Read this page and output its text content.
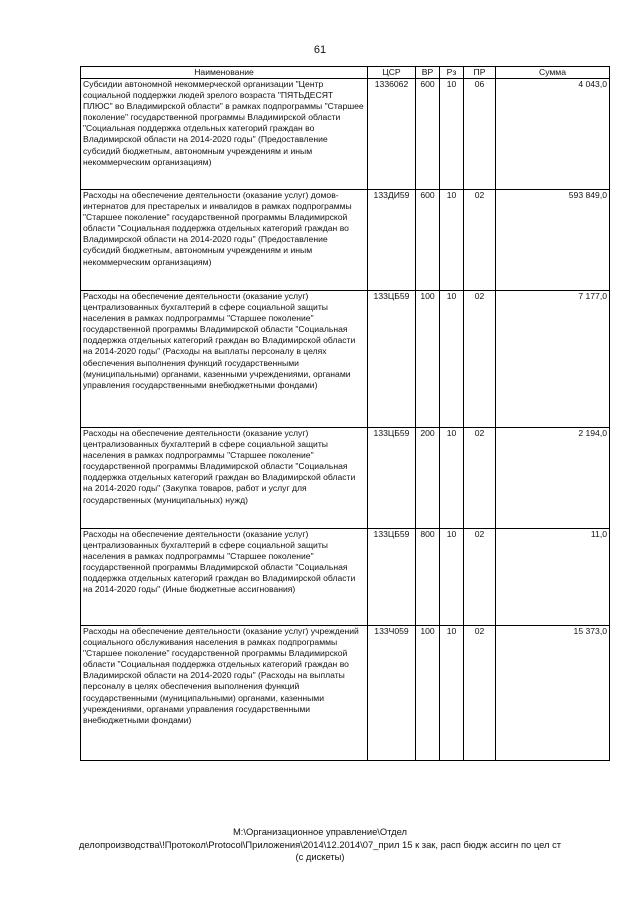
61
Наименование	ЦСР	ВР	Рз	ПР	Сумма
Субсидии автономной некоммерческой организации "Центр социальной поддержки людей зрелого возраста "ПЯТЬДЕСЯТ ПЛЮС" во Владимирской области" в рамках подпрограммы "Старшее поколение" государственной программы Владимирской области "Социальная поддержка отдельных категорий граждан во Владимирской области на 2014-2020 годы" (Предоставление субсидий бюджетным, автономным учреждениям и иным некоммерческим организациям)	1336062	600	10	06	4 043,0
Расходы на обеспечение деятельности (оказание услуг) домов-интернатов для престарелых и инвалидов в рамках подпрограммы "Старшее поколение" государственной программы Владимирской области "Социальная поддержка отдельных категорий граждан во Владимирской области на 2014-2020 годы" (Предоставление субсидий бюджетным, автономным учреждениям и иным некоммерческим организациям)	133ДИ59	600	10	02	593 849,0
Расходы на обеспечение деятельности (оказание услуг) централизованных бухгалтерий в сфере социальной защиты населения в рамках подпрограммы "Старшее поколение" государственной программы Владимирской области "Социальная поддержка отдельных категорий граждан во Владимирской области на 2014-2020 годы" (Расходы на выплаты персоналу в целях обеспечения выполнения функций государственными (муниципальными) органами, казенными учреждениями, органами управления государственными внебюджетными фондами)	133ЦБ59	100	10	02	7 177,0
Расходы на обеспечение деятельности (оказание услуг) централизованных бухгалтерий в сфере социальной защиты населения в рамках подпрограммы "Старшее поколение" государственной программы Владимирской области "Социальная поддержка отдельных категорий граждан во Владимирской области на 2014-2020 годы" (Закупка товаров, работ и услуг для государственных (муниципальных) нужд)	133ЦБ59	200	10	02	2 194,0
Расходы на обеспечение деятельности (оказание услуг) централизованных бухгалтерий в сфере социальной защиты населения в рамках подпрограммы "Старшее поколение" государственной программы Владимирской области "Социальная поддержка отдельных категорий граждан во Владимирской области на 2014-2020 годы" (Иные бюджетные ассигнования)	133ЦБ59	800	10	02	11,0
Расходы на обеспечение деятельности (оказание услуг) учреждений социального обслуживания населения в рамках подпрограммы "Старшее поколение" государственной программы Владимирской области "Социальная поддержка отдельных категорий граждан во Владимирской области на 2014-2020 годы" (Расходы на выплаты персоналу в целях обеспечения выполнения функций государственными (муниципальными) органами, казенными учреждениями, органами управления государственными внебюджетными фондами)	133Ч059	100	10	02	15 373,0
М:\Организационное управление\Отдел
делопроизводства\!Протокол\Protocol\Приложения\2014\12.2014\07_прил 15 к зак, расп бюдж ассигн по цел ст
(с дискеты)
